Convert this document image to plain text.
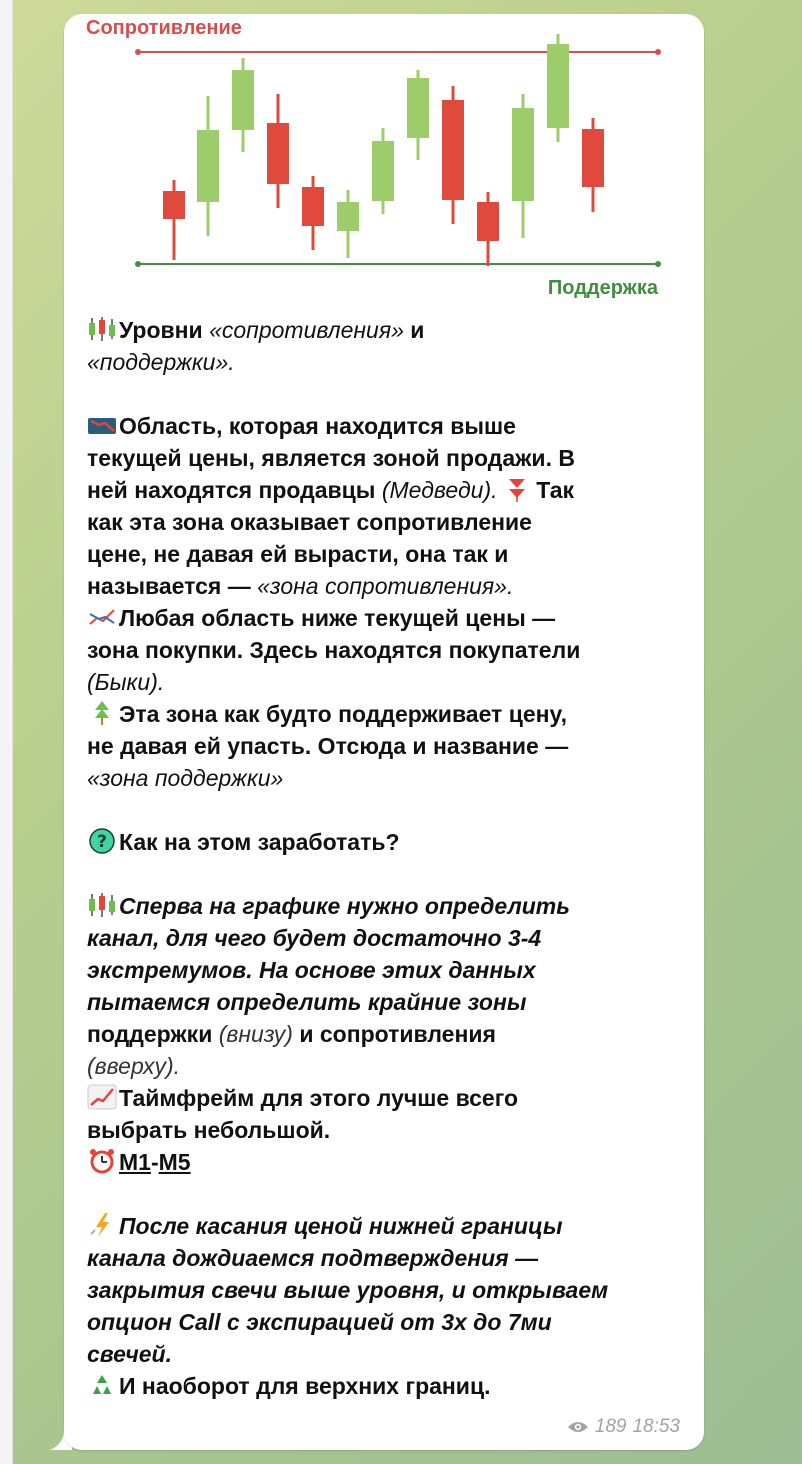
Сопротивление
Поддержка

Уровни «сопротивления» и
«поддержки».

Область, которая находится выше
текущей цены, является зоной продажи. В
ней находятся продавцы (Медведи).  Так
как эта зона оказывает сопротивление
цене, не давая ей вырасти, она так и
называется — «зона сопротивления».

Любая область ниже текущей цены —
зона покупки. Здесь находятся покупатели
(Быки).

Эта зона как будто поддерживает цену,
не давая ей упасть. Отсюда и название —
«зона поддержки»

? Как на этом заработать?

Сперва на графике нужно определить
канал, для чего будет достаточно 3-4
экстремумов. На основе этих данных
пытаемся определить крайние зоны
поддержки (внизу) и сопротивления
(вверху).

Таймфрейм для этого лучше всего
выбрать небольшой.
М1-М5

После касания ценой нижней границы
канала дождиаемся подтверждения —
закрытия свечи выше уровня, и открываем
опцион Call с экспирацией от 3х до 7ми
свечей.

И наоборот для верхних границ.

189 18:53
